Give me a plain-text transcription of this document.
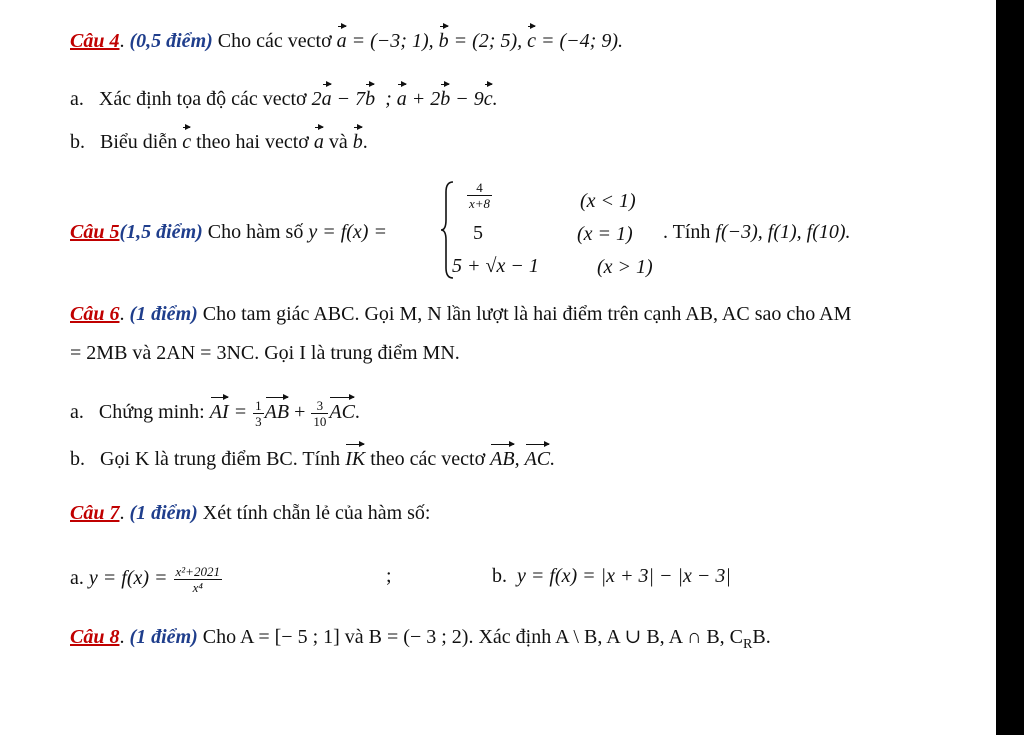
Câu 4. (0,5 điểm) Cho các vectơ a = (−3; 1), b = (2; 5), c = (−4; 9).
a. Xác định tọa độ các vectơ 2a − 7b  ; a + 2b − 9c.
b. Biểu diễn c theo hai vectơ a và b.
Câu 5(1,5 điểm) Cho hàm số y = f(x) =
$\frac{4}{x+8}$	(x < 1)
5	(x = 1)
5 + √x − 1	(x > 1)
. Tính f(−3), f(1), f(10).
Câu 6. (1 điểm) Cho tam giác ABC. Gọi M, N lần lượt là hai điểm trên cạnh AB, AC sao cho AM
= 2MB và 2AN = 3NC. Gọi I là trung điểm MN.
a. Chứng minh: AI = $\frac{1}{3}$ AB + $\frac{3}{10}$ AC.
b. Gọi K là trung điểm BC. Tính IK theo các vectơ AB, AC.
Câu 7. (1 điểm) Xét tính chẵn lẻ của hàm số:
a. $y = f(x) = \frac{\text{x²+2021}}{\text{x⁴}}$	;	b. y = f(x) = |x + 3| − |x − 3|
Câu 8. (1 điểm) Cho A = [− 5 ; 1] và B = (− 3 ; 2). Xác định A \ B, A ∪ B, A ∩ B, $C_RB$.
